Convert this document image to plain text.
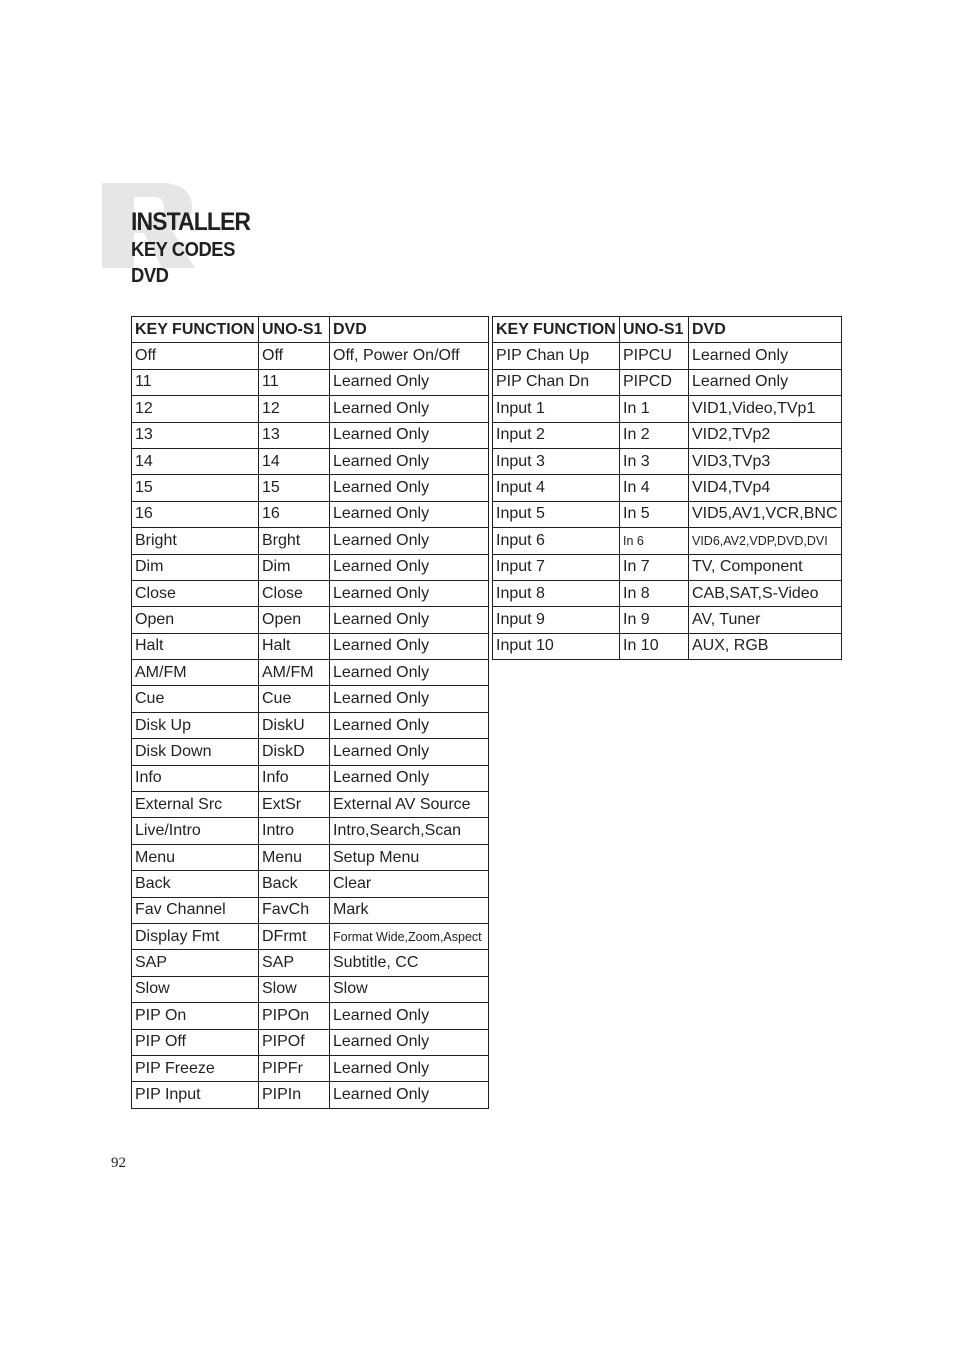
INSTALLER
KEY CODES
DVD
KEY FUNCTION	UNO-S1	DVD
Off	Off	Off, Power On/Off
11	11	Learned Only
12	12	Learned Only
13	13	Learned Only
14	14	Learned Only
15	15	Learned Only
16	16	Learned Only
Bright	Brght	Learned Only
Dim	Dim	Learned Only
Close	Close	Learned Only
Open	Open	Learned Only
Halt	Halt	Learned Only
AM/FM	AM/FM	Learned Only
Cue	Cue	Learned Only
Disk Up	DiskU	Learned Only
Disk Down	DiskD	Learned Only
Info	Info	Learned Only
External Src	ExtSr	External AV Source
Live/Intro	Intro	Intro,Search,Scan
Menu	Menu	Setup Menu
Back	Back	Clear
Fav Channel	FavCh	Mark
Display Fmt	DFrmt	Format Wide,Zoom,Aspect
SAP	SAP	Subtitle, CC
Slow	Slow	Slow
PIP On	PIPOn	Learned Only
PIP Off	PIPOf	Learned Only
PIP Freeze	PIPFr	Learned Only
PIP Input	PIPIn	Learned Only
KEY FUNCTION	UNO-S1	DVD
PIP Chan Up	PIPCU	Learned Only
PIP Chan Dn	PIPCD	Learned Only
Input 1	In 1	VID1,Video,TVp1
Input 2	In 2	VID2,TVp2
Input 3	In 3	VID3,TVp3
Input 4	In 4	VID4,TVp4
Input 5	In 5	VID5,AV1,VCR,BNC
Input 6	In 6	VID6,AV2,VDP,DVD,DVI
Input 7	In 7	TV, Component
Input 8	In 8	CAB,SAT,S-Video
Input 9	In 9	AV, Tuner
Input 10	In 10	AUX, RGB
92
